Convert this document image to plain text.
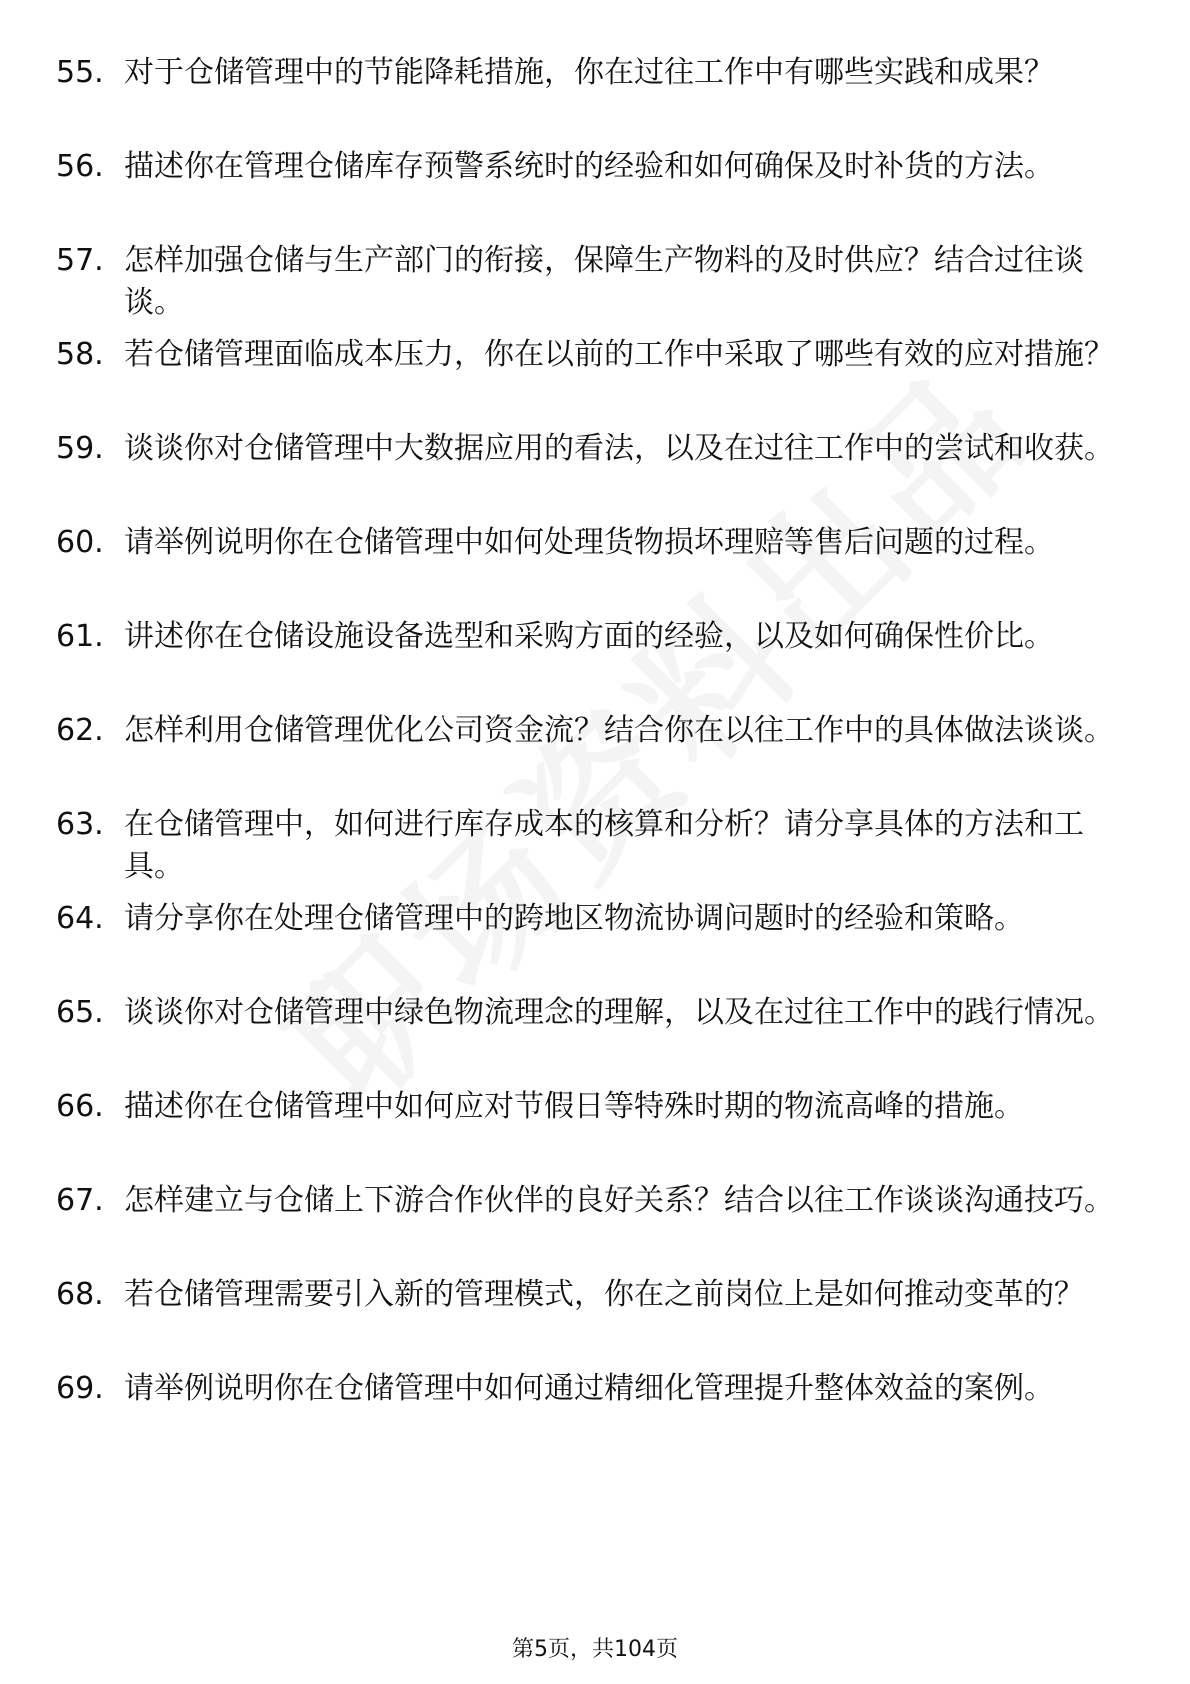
55. 对于仓储管理中的节能降耗措施，你在过往工作中有哪些实践和成果？
56. 描述你在管理仓储库存预警系统时的经验和如何确保及时补货的方法。
57. 怎样加强仓储与生产部门的衔接，保障生产物料的及时供应？结合过往谈谈。
58. 若仓储管理面临成本压力，你在以前的工作中采取了哪些有效的应对措施？
59. 谈谈你对仓储管理中大数据应用的看法，以及在过往工作中的尝试和收获。
60. 请举例说明你在仓储管理中如何处理货物损坏理赔等售后问题的过程。
61. 讲述你在仓储设施设备选型和采购方面的经验，以及如何确保性价比。
62. 怎样利用仓储管理优化公司资金流？结合你在以往工作中的具体做法谈谈。
63. 在仓储管理中，如何进行库存成本的核算和分析？请分享具体的方法和工具。
64. 请分享你在处理仓储管理中的跨地区物流协调问题时的经验和策略。
65. 谈谈你对仓储管理中绿色物流理念的理解，以及在过往工作中的践行情况。
66. 描述你在仓储管理中如何应对节假日等特殊时期的物流高峰的措施。
67. 怎样建立与仓储上下游合作伙伴的良好关系？结合以往工作谈谈沟通技巧。
68. 若仓储管理需要引入新的管理模式，你在之前岗位上是如何推动变革的？
69. 请举例说明你在仓储管理中如何通过精细化管理提升整体效益的案例。
第5页，共104页
